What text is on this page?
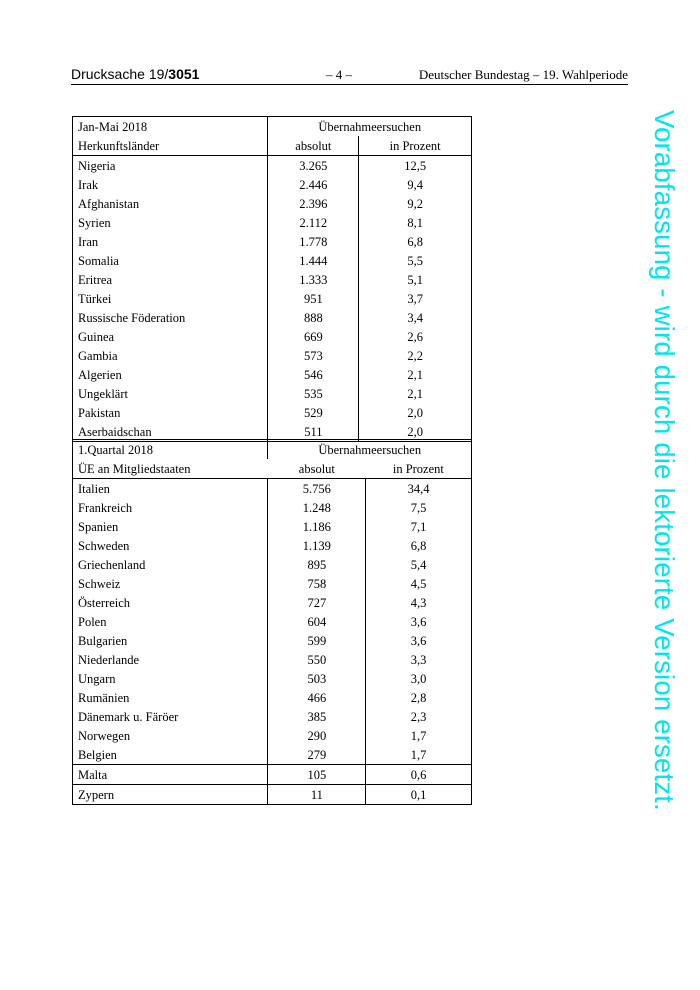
Drucksache 19/3051	– 4 –	Deutscher Bundestag – 19. Wahlperiode
Jan-Mai 2018	Übernahmeersuchen	
Herkunftsländer	absolut	in Prozent
Nigeria	3.265	12,5
Irak	2.446	9,4
Afghanistan	2.396	9,2
Syrien	2.112	8,1
Iran	1.778	6,8
Somalia	1.444	5,5
Eritrea	1.333	5,1
Türkei	951	3,7
Russische Föderation	888	3,4
Guinea	669	2,6
Gambia	573	2,2
Algerien	546	2,1
Ungeklärt	535	2,1
Pakistan	529	2,0
Aserbaidschan	511	2,0
1.Quartal 2018	Übernahmeersuchen	
ÜE an Mitgliedstaaten	absolut	in Prozent
Italien	5.756	34,4
Frankreich	1.248	7,5
Spanien	1.186	7,1
Schweden	1.139	6,8
Griechenland	895	5,4
Schweiz	758	4,5
Österreich	727	4,3
Polen	604	3,6
Bulgarien	599	3,6
Niederlande	550	3,3
Ungarn	503	3,0
Rumänien	466	2,8
Dänemark u. Färöer	385	2,3
Norwegen	290	1,7
Belgien	279	1,7
Malta	105	0,6
Zypern	11	0,1	Vorabfassung - wird durch die lektorierte Version ersetzt.
